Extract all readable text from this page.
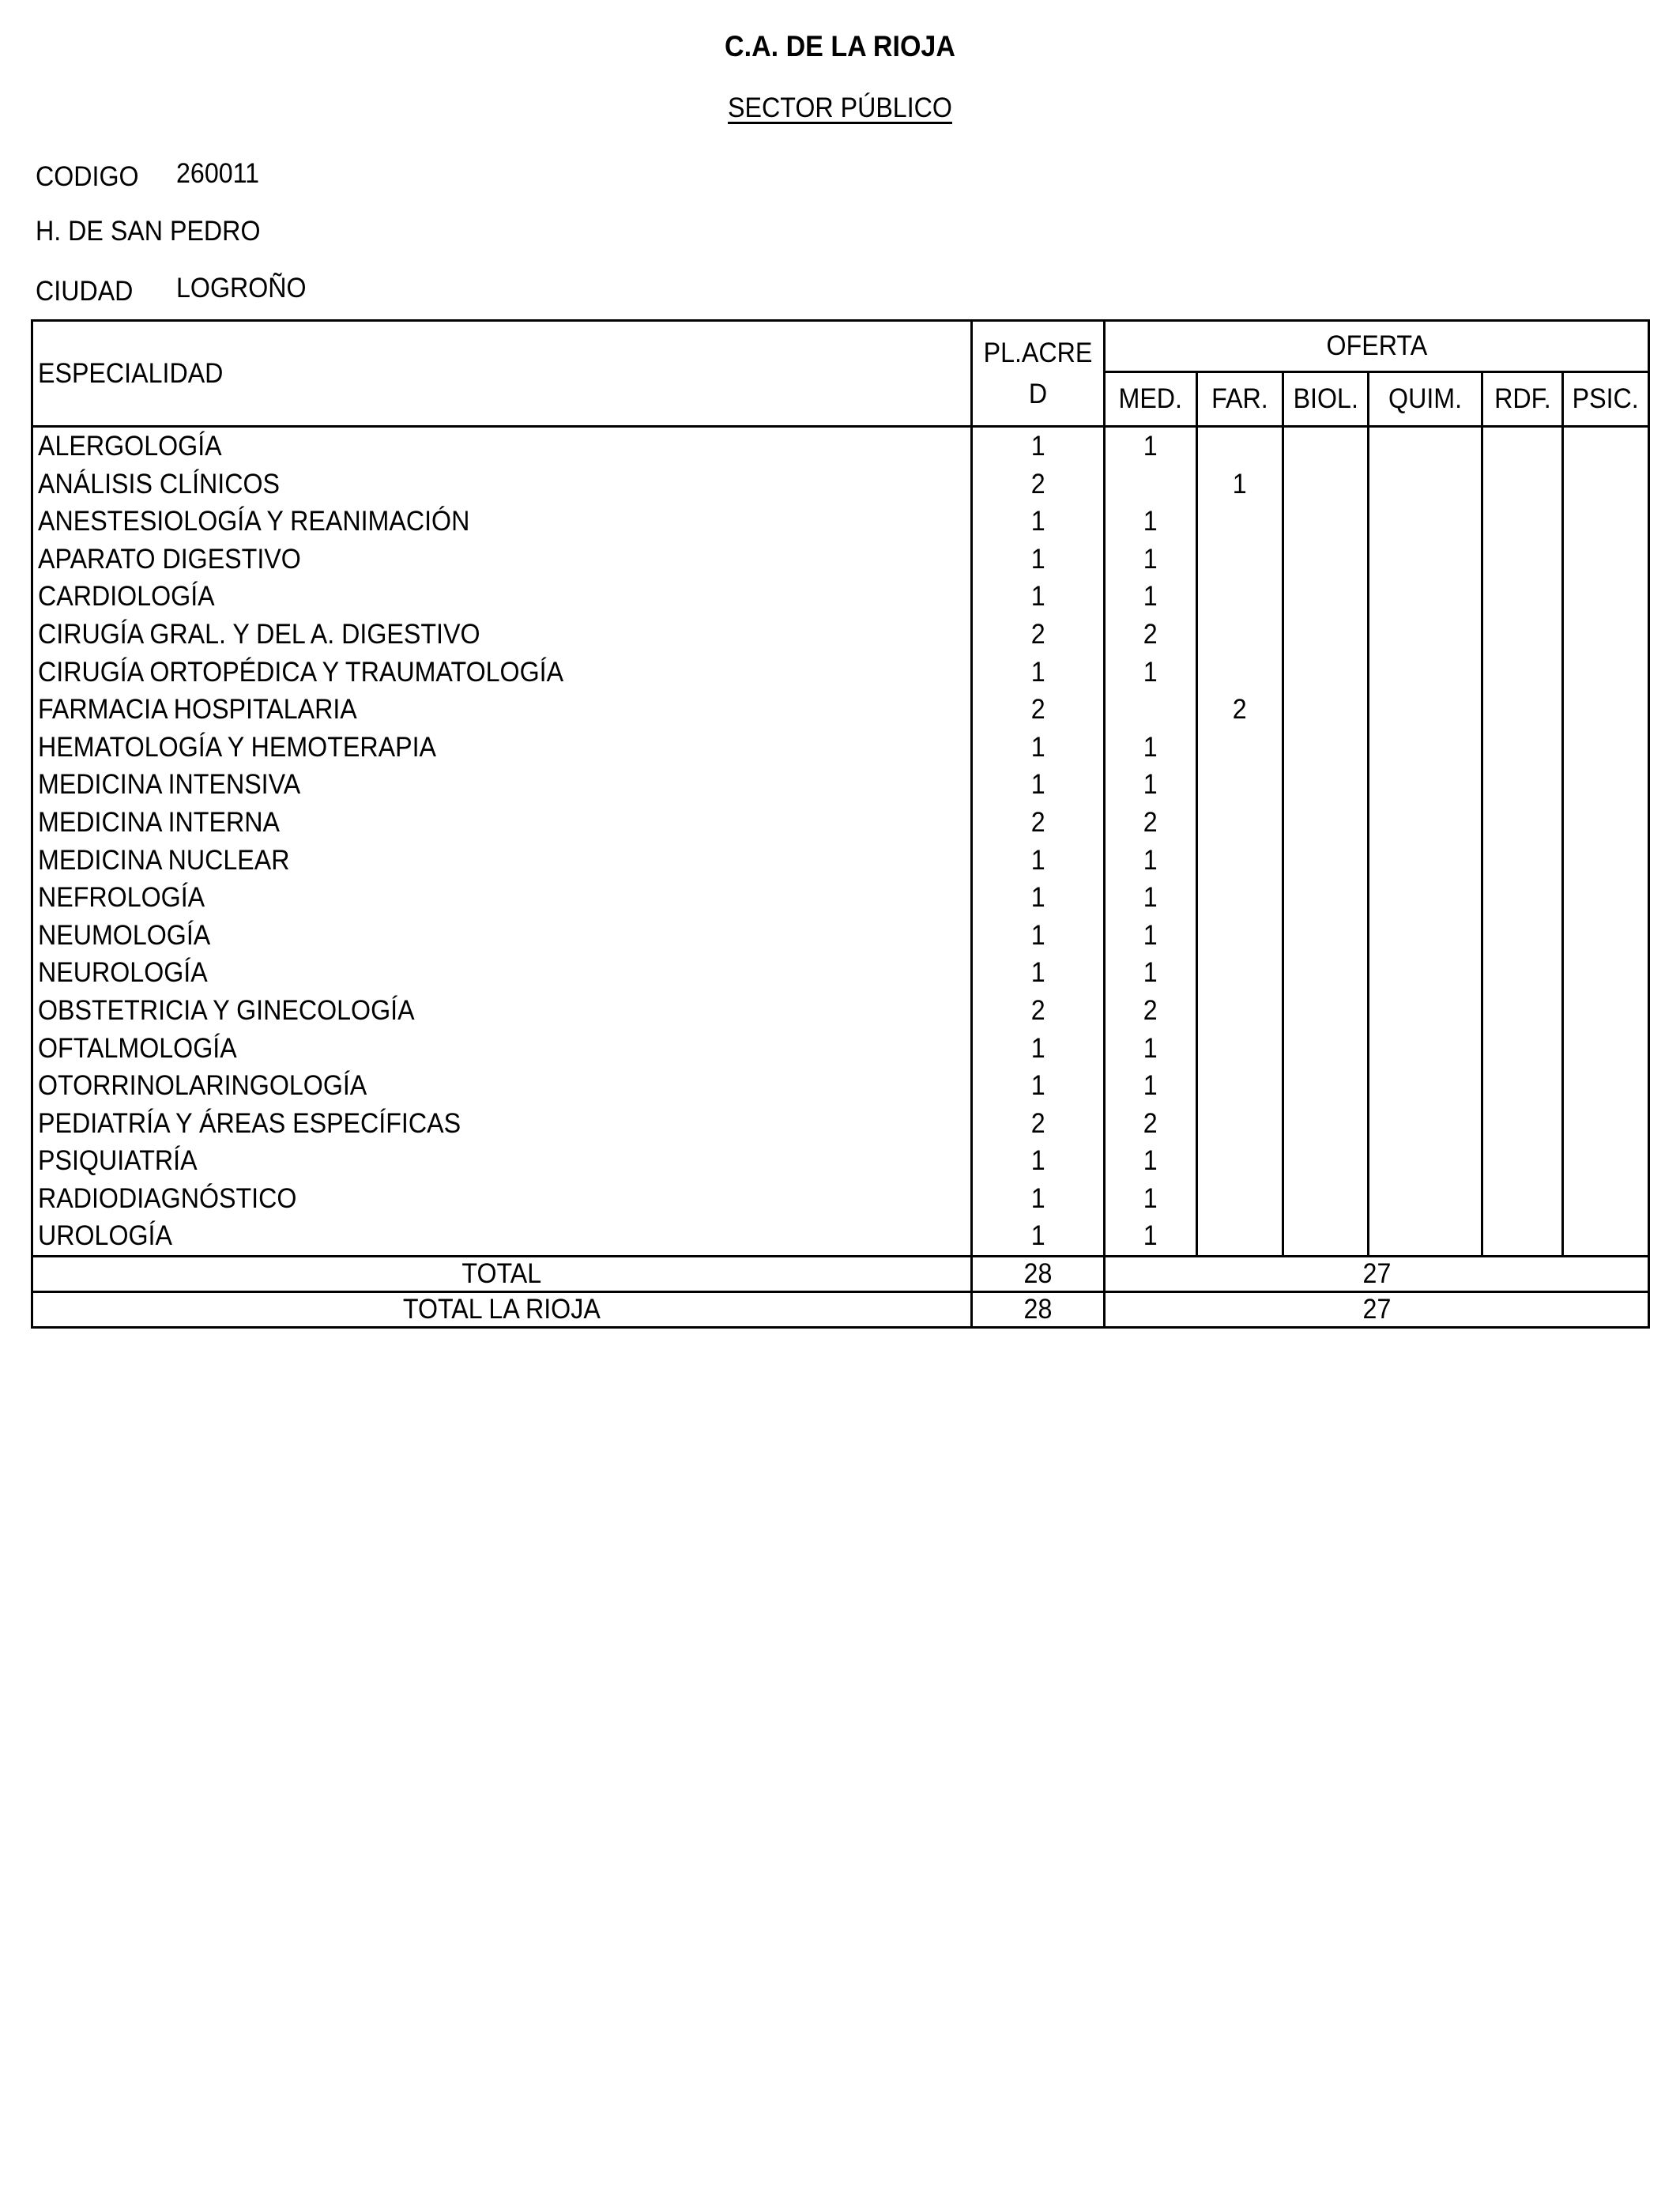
C.A. DE LA RIOJA
SECTOR PÚBLICO
CODIGO 260011
H. DE SAN PEDRO
CIUDAD LOGROÑO
ESPECIALIDAD	PL.ACRE D	OFERTA					
		MED.	FAR.	BIOL.	QUIM.	RDF.	PSIC.
ALERGOLOGÍA	1	1					
ANÁLISIS CLÍNICOS	2		1				
ANESTESIOLOGÍA Y REANIMACIÓN	1	1					
APARATO DIGESTIVO	1	1					
CARDIOLOGÍA	1	1					
CIRUGÍA GRAL. Y DEL A. DIGESTIVO	2	2					
CIRUGÍA ORTOPÉDICA Y TRAUMATOLOGÍA	1	1					
FARMACIA HOSPITALARIA	2		2				
HEMATOLOGÍA Y HEMOTERAPIA	1	1					
MEDICINA INTENSIVA	1	1					
MEDICINA INTERNA	2	2					
MEDICINA NUCLEAR	1	1					
NEFROLOGÍA	1	1					
NEUMOLOGÍA	1	1					
NEUROLOGÍA	1	1					
OBSTETRICIA Y GINECOLOGÍA	2	2					
OFTALMOLOGÍA	1	1					
OTORRINOLARINGOLOGÍA	1	1					
PEDIATRÍA Y ÁREAS ESPECÍFICAS	2	2					
PSIQUIATRÍA	1	1					
RADIODIAGNÓSTICO	1	1					
UROLOGÍA	1	1					
TOTAL	28	27					
TOTAL LA RIOJA	28	27					
